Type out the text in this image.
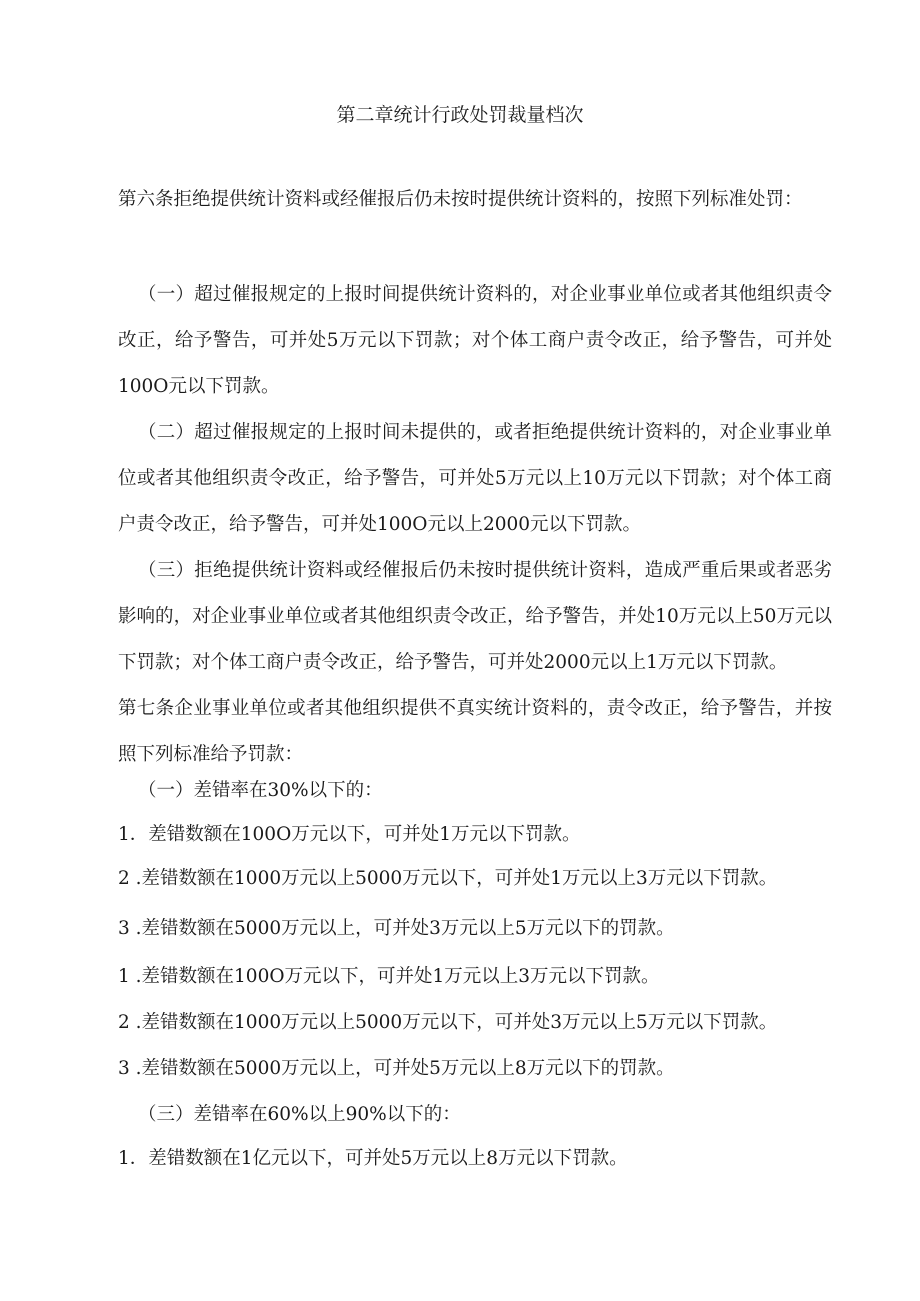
第二章统计行政处罚裁量档次
第六条拒绝提供统计资料或经催报后仍未按时提供统计资料的，按照下列标准处罚：
（一）超过催报规定的上报时间提供统计资料的，对企业事业单位或者其他组织责令改正，给予警告，可并处5万元以下罚款；对个体工商户责令改正，给予警告，可并处100O元以下罚款。
（二）超过催报规定的上报时间未提供的，或者拒绝提供统计资料的，对企业事业单位或者其他组织责令改正，给予警告，可并处5万元以上10万元以下罚款；对个体工商户责令改正，给予警告，可并处100O元以上2000元以下罚款。
（三）拒绝提供统计资料或经催报后仍未按时提供统计资料，造成严重后果或者恶劣影响的，对企业事业单位或者其他组织责令改正，给予警告，并处10万元以上50万元以下罚款；对个体工商户责令改正，给予警告，可并处2000元以上1万元以下罚款。
第七条企业事业单位或者其他组织提供不真实统计资料的，责令改正，给予警告，并按照下列标准给予罚款：
（一）差错率在30%以下的：
1．差错数额在100O万元以下，可并处1万元以下罚款。
2 .差错数额在1000万元以上5000万元以下，可并处1万元以上3万元以下罚款。
3 .差错数额在5000万元以上，可并处3万元以上5万元以下的罚款。
1 .差错数额在100O万元以下，可并处1万元以上3万元以下罚款。
2 .差错数额在1000万元以上5000万元以下，可并处3万元以上5万元以下罚款。
3 .差错数额在5000万元以上，可并处5万元以上8万元以下的罚款。
（三）差错率在60%以上90%以下的：
1．差错数额在1亿元以下，可并处5万元以上8万元以下罚款。
